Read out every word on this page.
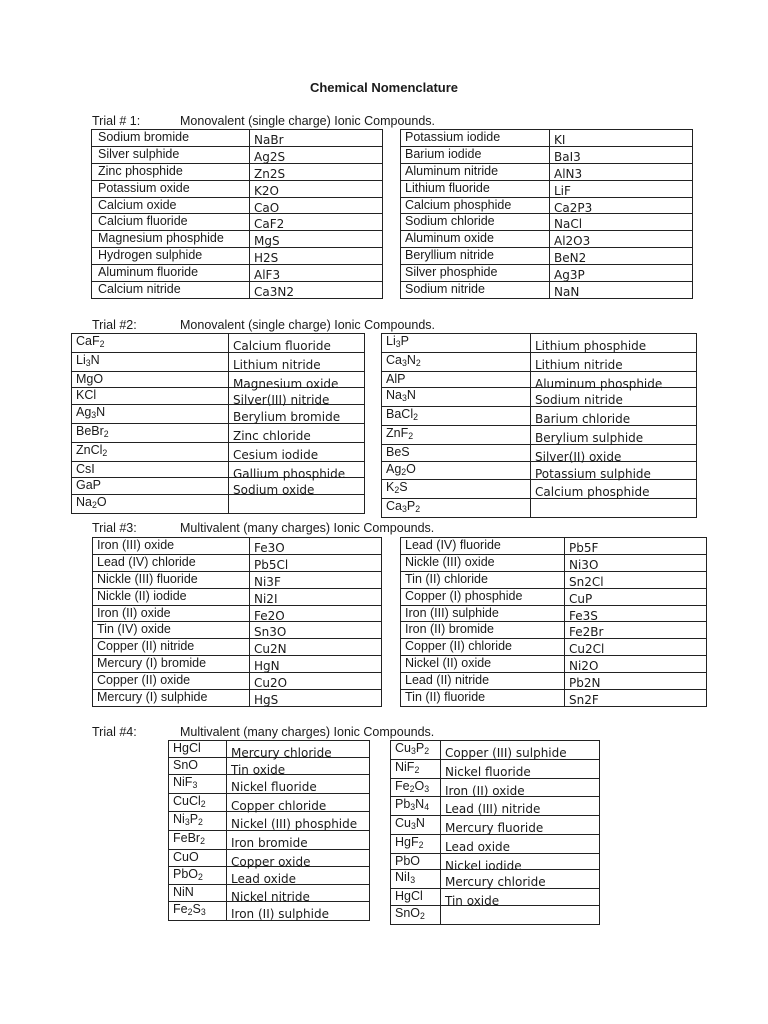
Chemical Nomenclature
Trial # 1:	Monovalent (single charge) Ionic Compounds.
Sodium bromide	NaBr
Silver sulphide	Ag2S
Zinc phosphide	Zn2S
Potassium oxide	K2O
Calcium oxide	CaO
Calcium fluoride	CaF2
Magnesium phosphide	MgS
Hydrogen sulphide	H2S
Aluminum fluoride	AlF3
Calcium nitride	Ca3N2
Potassium iodide	KI
Barium iodide	BaI3
Aluminum nitride	AlN3
Lithium fluoride	LiF
Calcium phosphide	Ca2P3
Sodium chloride	NaCl
Aluminum oxide	Al2O3
Beryllium nitride	BeN2
Silver phosphide	Ag3P
Sodium nitride	NaN
Trial #2:	Monovalent (single charge) Ionic Compounds.
CaF$_2$	Calcium fluoride
$Li_3N$	Lithium nitride
MgO	Magnesium oxide
KCl	Silver(III) nitride
$Ag_3N$	Berylium bromide
BeBr$_2$	Zinc chloride
ZnCl$_2$	Cesium iodide
CsI	Gallium phosphide
GaP	Sodium oxide
$Na_2O$	
$Li_3P$	Lithium phosphide
$Ca_3N_2$	Lithium nitride
AlP	Aluminum phosphide
$Na_3N$	Sodium nitride
BaCl$_2$	Barium chloride
ZnF$_2$	Berylium sulphide
BeS	Silver(II) oxide
$Ag_2O$	Potassium sulphide
$K_2S$	Calcium phosphide
$Ca_3P_2$	
Trial #3:	Multivalent (many charges) Ionic Compounds.
Iron (III) oxide	Fe3O
Lead (IV) chloride	Pb5Cl
Nickle (III) fluoride	Ni3F
Nickle (II) iodide	Ni2I
Iron (II) oxide	Fe2O
Tin (IV) oxide	Sn3O
Copper (II) nitride	Cu2N
Mercury (I) bromide	HgN
Copper (II) oxide	Cu2O
Mercury (I) sulphide	HgS
Lead (IV) fluoride	Pb5F
Nickle (III) oxide	Ni3O
Tin (II) chloride	Sn2Cl
Copper (I) phosphide	CuP
Iron (III) sulphide	Fe3S
Iron (II) bromide	Fe2Br
Copper (II) chloride	Cu2Cl
Nickel (II) oxide	Ni2O
Lead (II) nitride	Pb2N
Tin (II) fluoride	Sn2F
Trial #4:	Multivalent (many charges) Ionic Compounds.
HgCl	Mercury chloride
SnO	Tin oxide
NiF$_3$	Nickel fluoride
CuCl$_2$	Copper chloride
$Ni_3P_2$	Nickel (III) phosphide
FeBr$_2$	Iron bromide
CuO	Copper oxide
PbO$_2$	Lead oxide
NiN	Nickel nitride
$Fe_2S_3$	Iron (II) sulphide
$Cu_3P_2$	Copper (III) sulphide
NiF$_2$	Nickel fluoride
$Fe_2O_3$	Iron (II) oxide
$Pb_3N_4$	Lead (III) nitride
$Cu_3N$	Mercury fluoride
HgF$_2$	Lead oxide
PbO	Nickel iodide
NiI$_3$	Mercury chloride
HgCl	Tin oxide
SnO$_2$	
